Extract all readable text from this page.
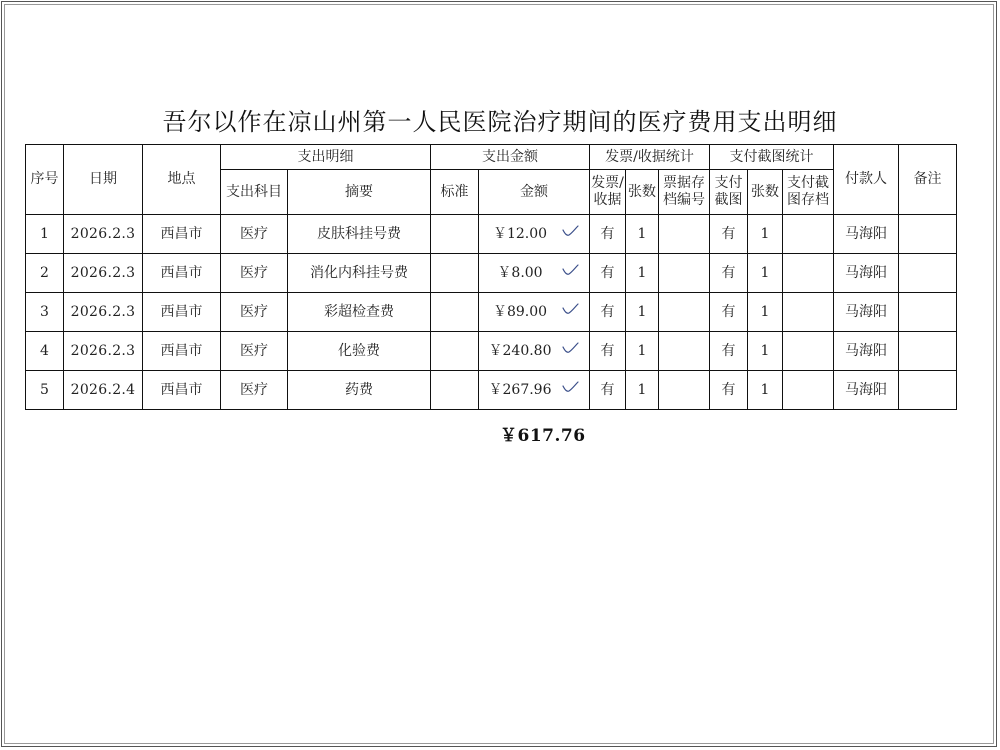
吾尔以作在凉山州第一人民医院治疗期间的医疗费用支出明细
序号	日期	地点	支出明细		支出金额		发票/收据统计			支付截图统计			付款人	备注
			支出科目	摘要	标准	金额	发票/收据	张数	票据存档编号	支付截图	张数	支付截图存档		
1	2026.2.3	西昌市	医疗	皮肤科挂号费		￥12.00	有	1		有	1		马海阳	
2	2026.2.3	西昌市	医疗	消化内科挂号费		￥8.00	有	1		有	1		马海阳	
3	2026.2.3	西昌市	医疗	彩超检查费		￥89.00	有	1		有	1		马海阳	
4	2026.2.3	西昌市	医疗	化验费		￥240.80	有	1		有	1		马海阳	
5	2026.2.4	西昌市	医疗	药费		￥267.96	有	1		有	1		马海阳	
￥617.76
